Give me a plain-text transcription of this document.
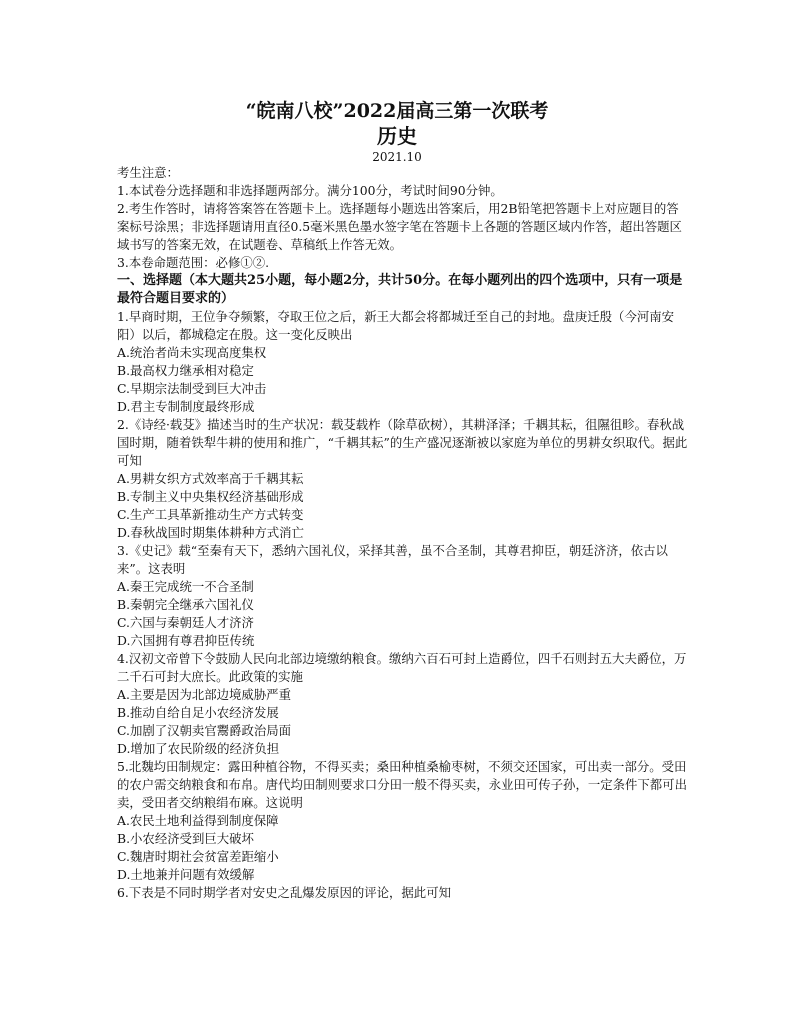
“皖南八校”2022届高三第一次联考
历史
2021.10
考生注意：
1.本试卷分选择题和非选择题两部分。满分100分，考试时间90分钟。
2.考生作答时，请将答案答在答题卡上。选择题每小题选出答案后，用2B铅笔把答题卡上对应题目的答案标号涂黑；非选择题请用直径0.5毫米黑色墨水签字笔在答题卡上各题的答题区域内作答，超出答题区域书写的答案无效，在试题卷、草稿纸上作答无效。
3.本卷命题范围：必修①②.
一、选择题（本大题共25小题，每小题2分，共计50分。在每小题列出的四个选项中，只有一项是最符合题目要求的）
1.早商时期，王位争夺频繁，夺取王位之后，新王大都会将都城迁至自己的封地。盘庚迁殷（今河南安阳）以后，都城稳定在殷。这一变化反映出
A.统治者尚未实现高度集权
B.最高权力继承相对稳定
C.早期宗法制受到巨大冲击
D.君主专制制度最终形成
2.《诗经·载芟》描述当时的生产状况：载芟载柞（除草砍树），其耕泽泽；千耦其耘，徂隰徂畛。春秋战国时期，随着铁犁牛耕的使用和推广，“千耦其耘”的生产盛况逐渐被以家庭为单位的男耕女织取代。据此可知
A.男耕女织方式效率高于千耦其耘
B.专制主义中央集权经济基础形成
C.生产工具革新推动生产方式转变
D.春秋战国时期集体耕种方式消亡
3.《史记》载“至秦有天下，悉纳六国礼仪，采择其善，虽不合圣制，其尊君抑臣，朝廷济济，依古以来”。这表明
A.秦王完成统一不合圣制
B.秦朝完全继承六国礼仪
C.六国与秦朝廷人才济济
D.六国拥有尊君抑臣传统
4.汉初文帝曾下令鼓励人民向北部边境缴纳粮食。缴纳六百石可封上造爵位，四千石则封五大夫爵位，万二千石可封大庶长。此政策的实施
A.主要是因为北部边境威胁严重
B.推动自给自足小农经济发展
C.加剧了汉朝卖官鬻爵政治局面
D.增加了农民阶级的经济负担
5.北魏均田制规定：露田种植谷物，不得买卖；桑田种植桑榆枣树，不须交还国家，可出卖一部分。受田的农户需交纳粮食和布帛。唐代均田制则要求口分田一般不得买卖，永业田可传子孙，一定条件下都可出卖，受田者交纳粮绢布麻。这说明
A.农民土地利益得到制度保障
B.小农经济受到巨大破坏
C.魏唐时期社会贫富差距缩小
D.土地兼并问题有效缓解
6.下表是不同时期学者对安史之乱爆发原因的评论，据此可知
